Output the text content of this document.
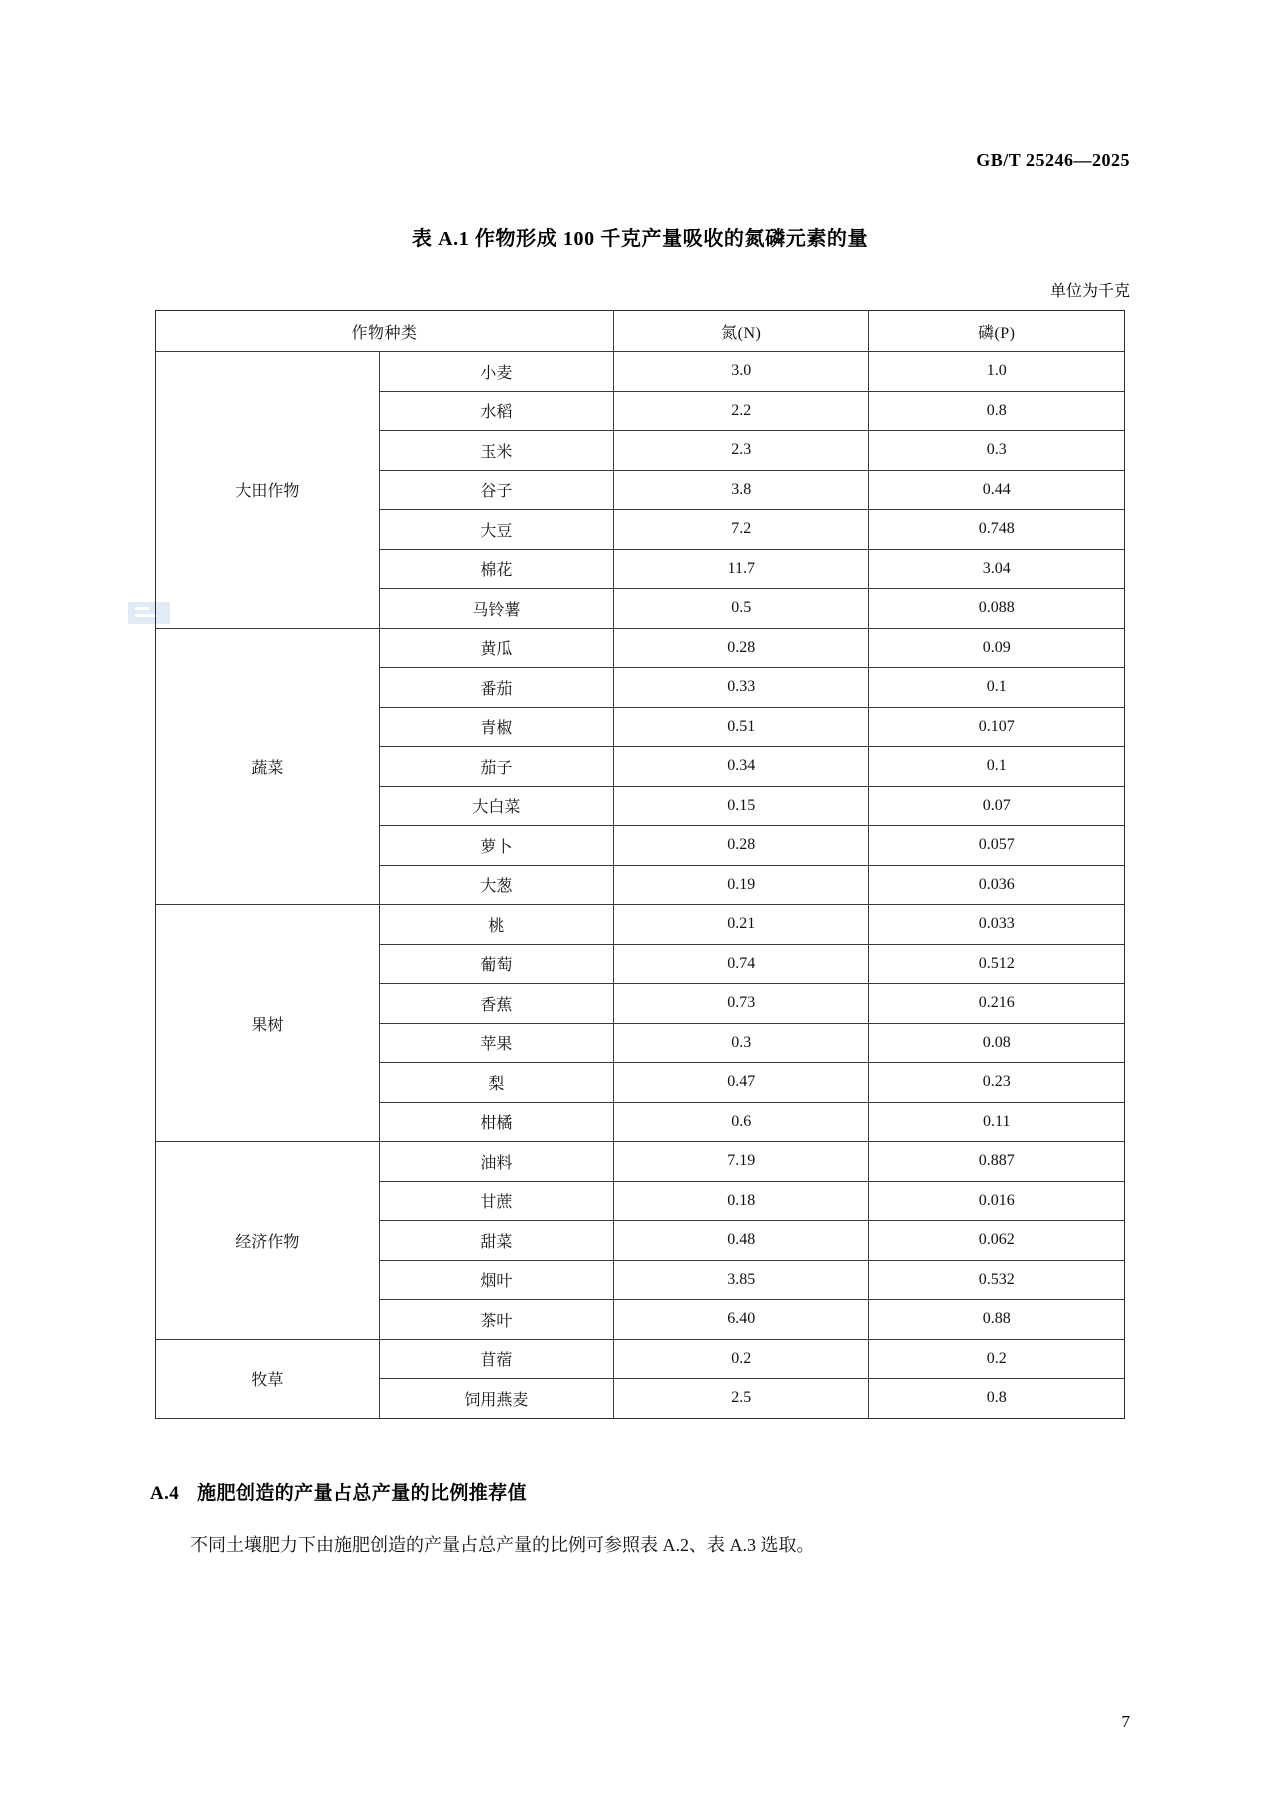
GB/T 25246—2025
表 A.1 作物形成 100 千克产量吸收的氮磷元素的量
单位为千克
作物种类		氮(N)	磷(P)
大田作物	小麦	3.0	1.0
	水稻	2.2	0.8
	玉米	2.3	0.3
	谷子	3.8	0.44
	大豆	7.2	0.748
	棉花	11.7	3.04
	马铃薯	0.5	0.088
蔬菜	黄瓜	0.28	0.09
	番茄	0.33	0.1
	青椒	0.51	0.107
	茄子	0.34	0.1
	大白菜	0.15	0.07
	萝卜	0.28	0.057
	大葱	0.19	0.036
果树	桃	0.21	0.033
	葡萄	0.74	0.512
	香蕉	0.73	0.216
	苹果	0.3	0.08
	梨	0.47	0.23
	柑橘	0.6	0.11
经济作物	油料	7.19	0.887
	甘蔗	0.18	0.016
	甜菜	0.48	0.062
	烟叶	3.85	0.532
	茶叶	6.40	0.88
牧草	苜蓿	0.2	0.2
	饲用燕麦	2.5	0.8
A.4 施肥创造的产量占总产量的比例推荐值
不同土壤肥力下由施肥创造的产量占总产量的比例可参照表 A.2、表 A.3 选取。
7
